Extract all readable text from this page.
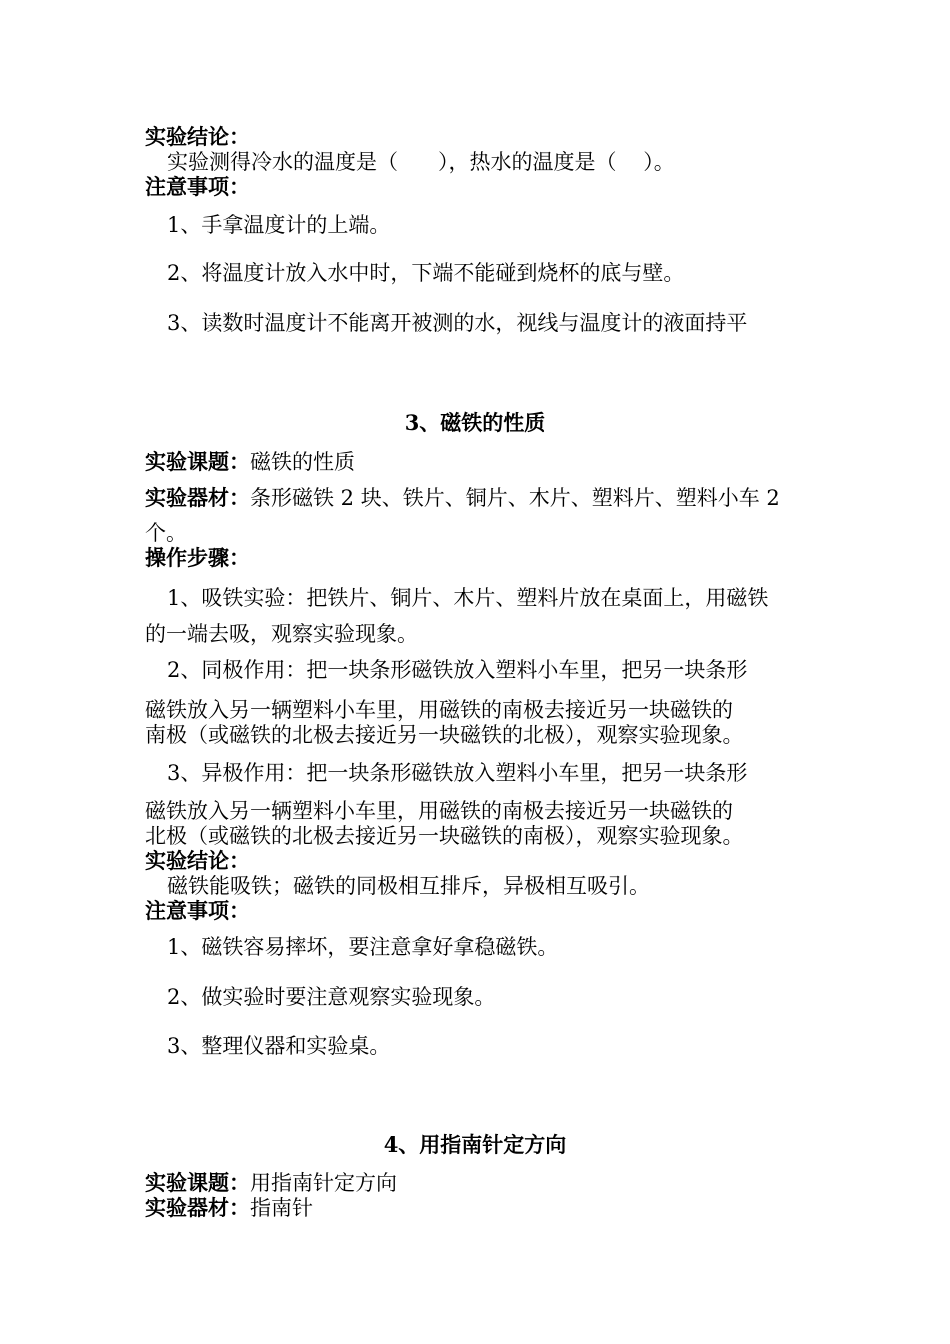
实验结论：
实验测得冷水的温度是（      ），热水的温度是（    ）。
注意事项：
1、手拿温度计的上端。
2、将温度计放入水中时，下端不能碰到烧杯的底与壁。
3、读数时温度计不能离开被测的水，视线与温度计的液面持平
3、磁铁的性质
实验课题：磁铁的性质
实验器材：条形磁铁 2 块、铁片、铜片、木片、塑料片、塑料小车 2
个。
操作步骤：
1、吸铁实验：把铁片、铜片、木片、塑料片放在桌面上，用磁铁
的一端去吸，观察实验现象。
2、同极作用：把一块条形磁铁放入塑料小车里，把另一块条形
磁铁放入另一辆塑料小车里，用磁铁的南极去接近另一块磁铁的
南极（或磁铁的北极去接近另一块磁铁的北极），观察实验现象。
3、异极作用：把一块条形磁铁放入塑料小车里，把另一块条形
磁铁放入另一辆塑料小车里，用磁铁的南极去接近另一块磁铁的
北极（或磁铁的北极去接近另一块磁铁的南极），观察实验现象。
实验结论：
磁铁能吸铁；磁铁的同极相互排斥，异极相互吸引。
注意事项：
1、磁铁容易摔坏，要注意拿好拿稳磁铁。
2、做实验时要注意观察实验现象。
3、整理仪器和实验桌。
4、用指南针定方向
实验课题：用指南针定方向
实验器材：指南针
